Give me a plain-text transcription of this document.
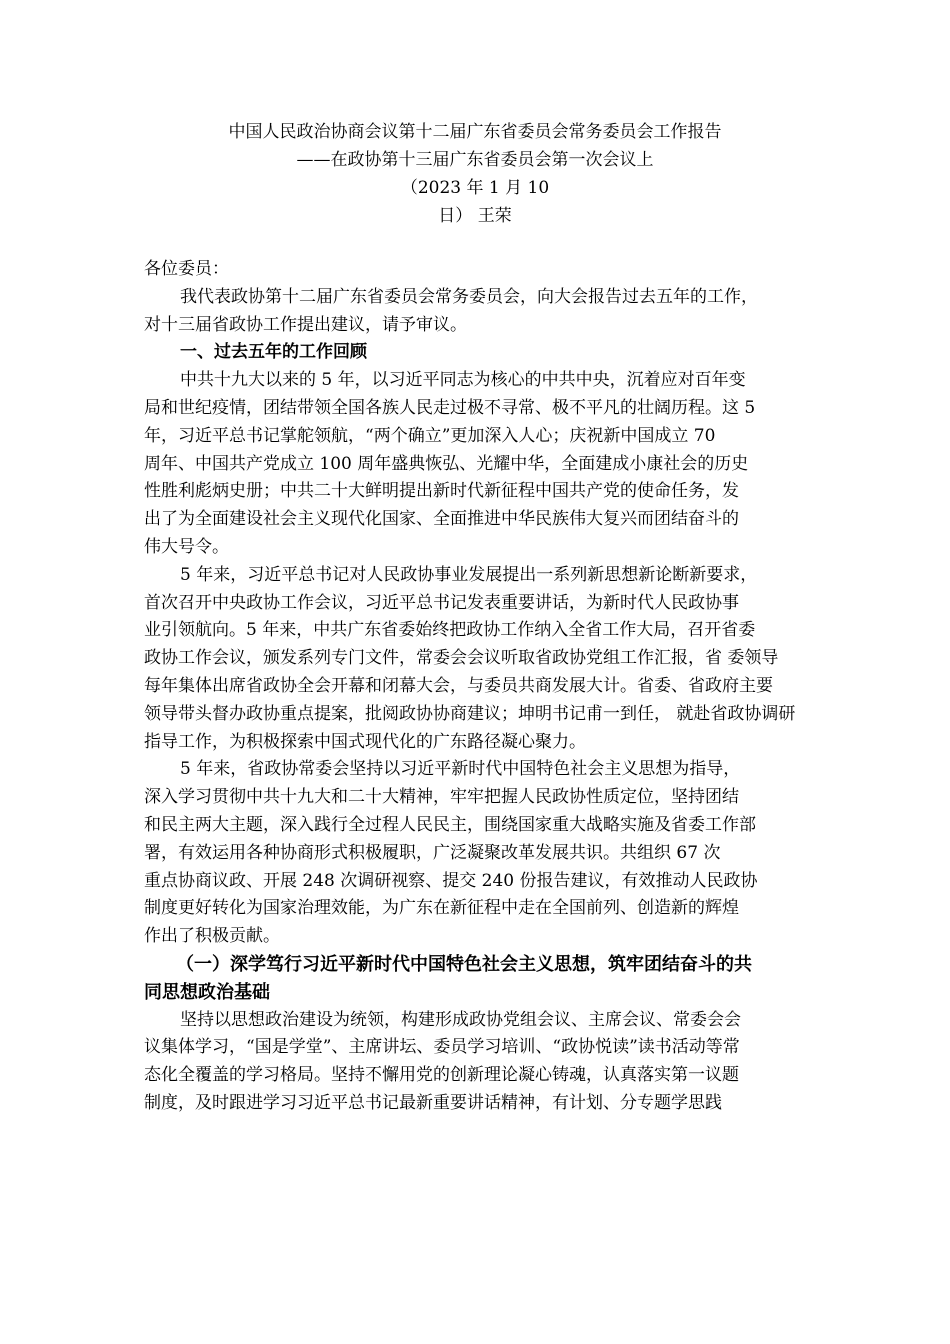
中国人民政治协商会议第十二届广东省委员会常务委员会工作报告
——在政协第十三届广东省委员会第一次会议上
（2023 年 1 月 10
日） 王荣
各位委员：
我代表政协第十二届广东省委员会常务委员会，向大会报告过去五年的工作，
对十三届省政协工作提出建议，请予审议。
一、过去五年的工作回顾
中共十九大以来的 5 年，以习近平同志为核心的中共中央，沉着应对百年变
局和世纪疫情，团结带领全国各族人民走过极不寻常、极不平凡的壮阔历程。这 5
年，习近平总书记掌舵领航，“两个确立”更加深入人心；庆祝新中国成立 70
周年、中国共产党成立 100 周年盛典恢弘、光耀中华，全面建成小康社会的历史
性胜利彪炳史册；中共二十大鲜明提出新时代新征程中国共产党的使命任务，发
出了为全面建设社会主义现代化国家、全面推进中华民族伟大复兴而团结奋斗的
伟大号令。
5 年来，习近平总书记对人民政协事业发展提出一系列新思想新论断新要求，
首次召开中央政协工作会议，习近平总书记发表重要讲话，为新时代人民政协事
业引领航向。5 年来，中共广东省委始终把政协工作纳入全省工作大局，召开省委
政协工作会议，颁发系列专门文件，常委会会议听取省政协党组工作汇报，省 委领导
每年集体出席省政协全会开幕和闭幕大会，与委员共商发展大计。省委、省政府主要
领导带头督办政协重点提案，批阅政协协商建议；坤明书记甫一到任， 就赴省政协调研
指导工作，为积极探索中国式现代化的广东路径凝心聚力。
5 年来，省政协常委会坚持以习近平新时代中国特色社会主义思想为指导，
深入学习贯彻中共十九大和二十大精神，牢牢把握人民政协性质定位，坚持团结
和民主两大主题，深入践行全过程人民民主，围绕国家重大战略实施及省委工作部
署，有效运用各种协商形式积极履职，广泛凝聚改革发展共识。共组织 67 次
重点协商议政、开展 248 次调研视察、提交 240 份报告建议，有效推动人民政协
制度更好转化为国家治理效能，为广东在新征程中走在全国前列、创造新的辉煌
作出了积极贡献。
（一）深学笃行习近平新时代中国特色社会主义思想，筑牢团结奋斗的共
同思想政治基础
坚持以思想政治建设为统领，构建形成政协党组会议、主席会议、常委会会
议集体学习，“国是学堂”、主席讲坛、委员学习培训、“政协悦读”读书活动等常
态化全覆盖的学习格局。坚持不懈用党的创新理论凝心铸魂，认真落实第一议题
制度，及时跟进学习习近平总书记最新重要讲话精神，有计划、分专题学思践
